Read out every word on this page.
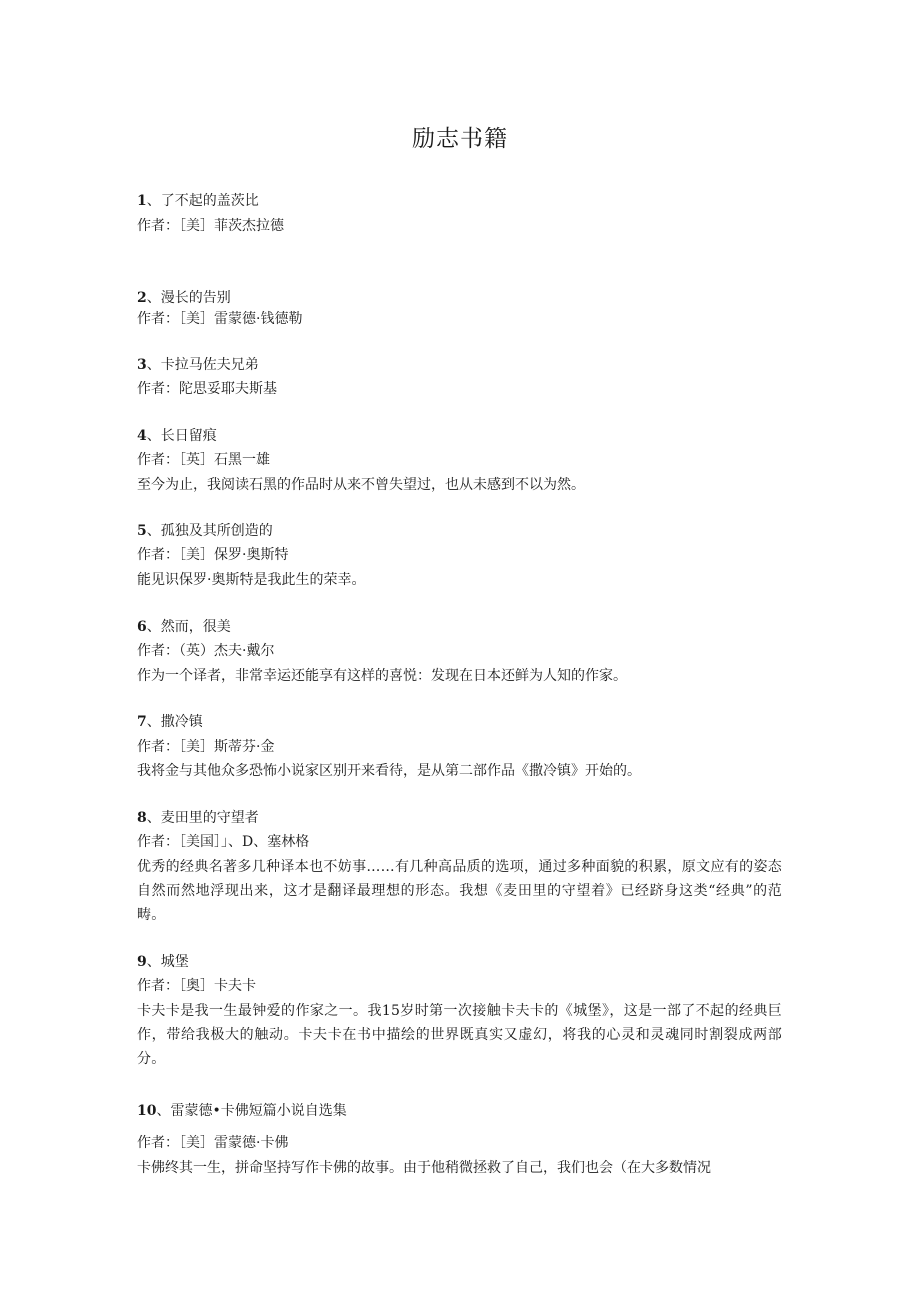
励志书籍
1、了不起的盖茨比
作者：［美］菲茨杰拉德
2、漫长的告别
作者：［美］雷蒙德·钱德勒
3、卡拉马佐夫兄弟
作者：陀思妥耶夫斯基
4、长日留痕
作者：［英］石黑一雄
至今为止，我阅读石黑的作品时从来不曾失望过，也从未感到不以为然。
5、孤独及其所创造的
作者：［美］保罗·奥斯特
能见识保罗·奥斯特是我此生的荣幸。
6、然而，很美
作者：（英）杰夫·戴尔
作为一个译者，非常幸运还能享有这样的喜悦：发现在日本还鲜为人知的作家。
7、撒冷镇
作者：［美］斯蒂芬·金
我将金与其他众多恐怖小说家区别开来看待，是从第二部作品《撒冷镇》开始的。
8、麦田里的守望者
作者：［美国］」、D、塞林格
优秀的经典名著多几种译本也不妨事……有几种高品质的选项，通过多种面貌的积累，原文应有的姿态自然而然地浮现出来，这才是翻译最理想的形态。我想《麦田里的守望着》已经跻身这类“经典”的范畴。
9、城堡
作者：［奥］卡夫卡
卡夫卡是我一生最钟爱的作家之一。我15岁时第一次接触卡夫卡的《城堡》，这是一部了不起的经典巨作，带给我极大的触动。卡夫卡在书中描绘的世界既真实又虚幻，将我的心灵和灵魂同时割裂成两部分。
10、雷蒙德•卡佛短篇小说自选集
作者：［美］雷蒙德·卡佛
卡佛终其一生，拼命坚持写作卡佛的故事。由于他稍微拯救了自己，我们也会（在大多数情况
